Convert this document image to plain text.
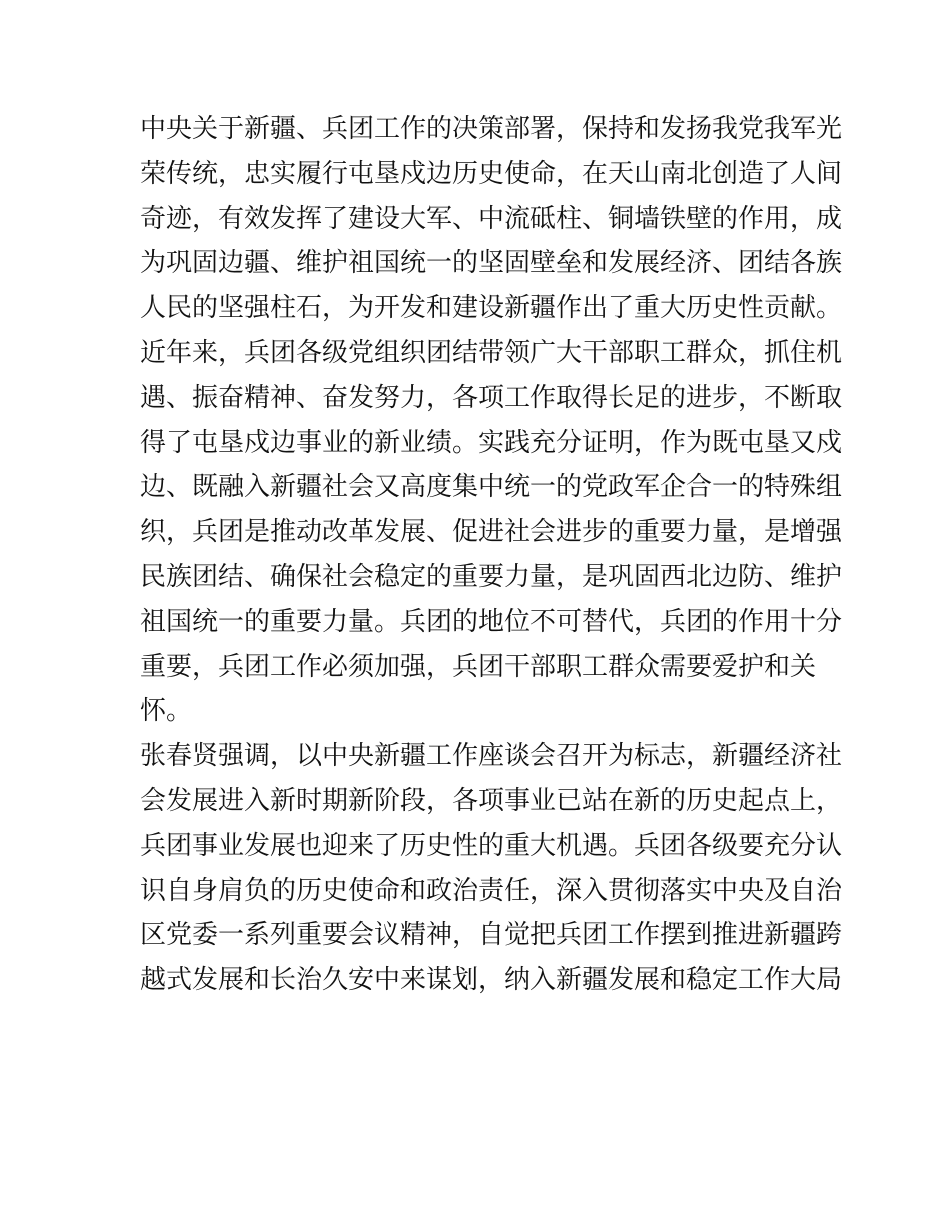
中央关于新疆、兵团工作的决策部署，保持和发扬我党我军光
荣传统，忠实履行屯垦戍边历史使命，在天山南北创造了人间
奇迹，有效发挥了建设大军、中流砥柱、铜墙铁壁的作用，成
为巩固边疆、维护祖国统一的坚固壁垒和发展经济、团结各族
人民的坚强柱石，为开发和建设新疆作出了重大历史性贡献。
近年来，兵团各级党组织团结带领广大干部职工群众，抓住机
遇、振奋精神、奋发努力，各项工作取得长足的进步，不断取
得了屯垦戍边事业的新业绩。实践充分证明，作为既屯垦又戍
边、既融入新疆社会又高度集中统一的党政军企合一的特殊组
织，兵团是推动改革发展、促进社会进步的重要力量，是增强
民族团结、确保社会稳定的重要力量，是巩固西北边防、维护
祖国统一的重要力量。兵团的地位不可替代，兵团的作用十分
重要，兵团工作必须加强，兵团干部职工群众需要爱护和关
怀。
张春贤强调，以中央新疆工作座谈会召开为标志，新疆经济社
会发展进入新时期新阶段，各项事业已站在新的历史起点上，
兵团事业发展也迎来了历史性的重大机遇。兵团各级要充分认
识自身肩负的历史使命和政治责任，深入贯彻落实中央及自治
区党委一系列重要会议精神，自觉把兵团工作摆到推进新疆跨
越式发展和长治久安中来谋划，纳入新疆发展和稳定工作大局
